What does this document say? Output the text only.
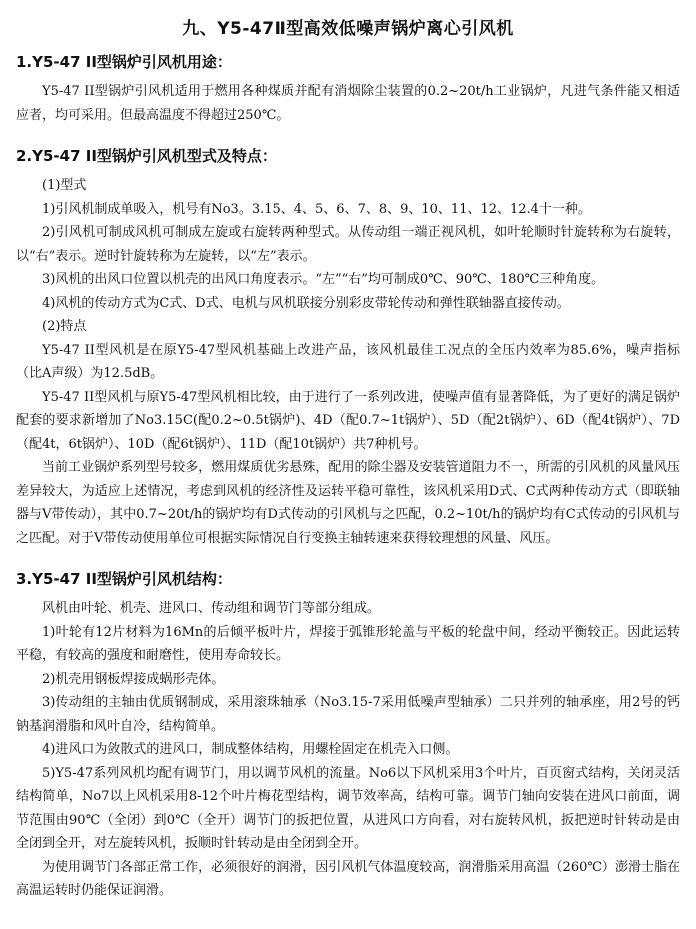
九、Y5-47Ⅱ型高效低噪声锅炉离心引风机
1.Y5-47 II型锅炉引风机用途：

Y5-47 II型锅炉引风机适用于燃用各种煤质并配有消烟除尘装置的0.2~20t/h工业锅炉，凡进气条件能又相适应者，均可采用。但最高温度不得超过250℃。

2.Y5-47 II型锅炉引风机型式及特点：

(1)型式

1)引风机制成单吸入，机号有No3。3.15、4、5、6、7、8、9、10、11、12、12.4十一种。

2)引风机可制成风机可制成左旋或右旋转两种型式。从传动组一端正视风机，如叶轮顺时针旋转称为右旋转，以“右”表示。逆时针旋转称为左旋转，以“左”表示。

3)风机的出风口位置以机壳的出风口角度表示。“左”“右”均可制成0℃、90℃、180℃三种角度。

4)风机的传动方式为C式、D式、电机与风机联接分别彩皮带轮传动和弹性联轴器直接传动。

(2)特点

Y5-47 II型风机是在原Y5-47型风机基础上改进产品，该风机最佳工况点的全压内效率为85.6%，噪声指标（比A声级）为12.5dB。

Y5-47 II型风机与原Y5-47型风机相比较，由于进行了一系列改进，使噪声值有显著降低，为了更好的满足锅炉配套的要求新增加了No3.15C(配0.2~0.5t锅炉)、4D（配0.7~1t锅炉）、5D（配2t锅炉）、6D（配4t锅炉）、7D（配4t，6t锅炉）、10D（配6t锅炉）、11D（配10t锅炉）共7种机号。

当前工业锅炉系列型号较多，燃用煤质优劣悬殊，配用的除尘器及安装管道阻力不一，所需的引风机的风量风压差异较大，为适应上述情况，考虑到风机的经济性及运转平稳可靠性，该风机采用D式、C式两种传动方式（即联轴器与V带传动），其中0.7~20t/h的锅炉均有D式传动的引风机与之匹配，0.2~10t/h的锅炉均有C式传动的引风机与之匹配。对于V带传动使用单位可根据实际情况自行变换主轴转速来获得较理想的风量、风压。

3.Y5-47 II型锅炉引风机结构：

风机由叶轮、机壳、进风口、传动组和调节门等部分组成。

1)叶轮有12片材料为16Mn的后倾平板叶片，焊接于弧锥形轮盖与平板的轮盘中间，经动平衡较正。因此运转平稳，有较高的强度和耐磨性，使用寿命较长。

2)机壳用钢板焊接成蜗形壳体。

3)传动组的主轴由优质钢制成，采用滚珠轴承（No3.15-7采用低噪声型轴承）二只并列的轴承座，用2号的钙钠基润滑脂和风叶自冷，结构简单。

4)进风口为敛散式的进风口，制成整体结构，用螺栓固定在机壳入口侧。

5)Y5-47系列风机均配有调节门，用以调节风机的流量。No6以下风机采用3个叶片，百页窗式结构，关闭灵活结构简单，No7以上风机采用8-12个叶片梅花型结构，调节效率高，结构可靠。调节门轴向安装在进风口前面，调节范围由90℃（全闭）到0℃（全开）调节门的扳把位置，从进风口方向看，对右旋转风机，扳把逆时针转动是由全闭到全开，对左旋转风机，扳顺时针转动是由全闭到全开。

为使用调节门各部正常工作，必须很好的润滑，因引风机气体温度较高，润滑脂采用高温（260℃）澎滑士脂在高温运转时仍能保证润滑。
